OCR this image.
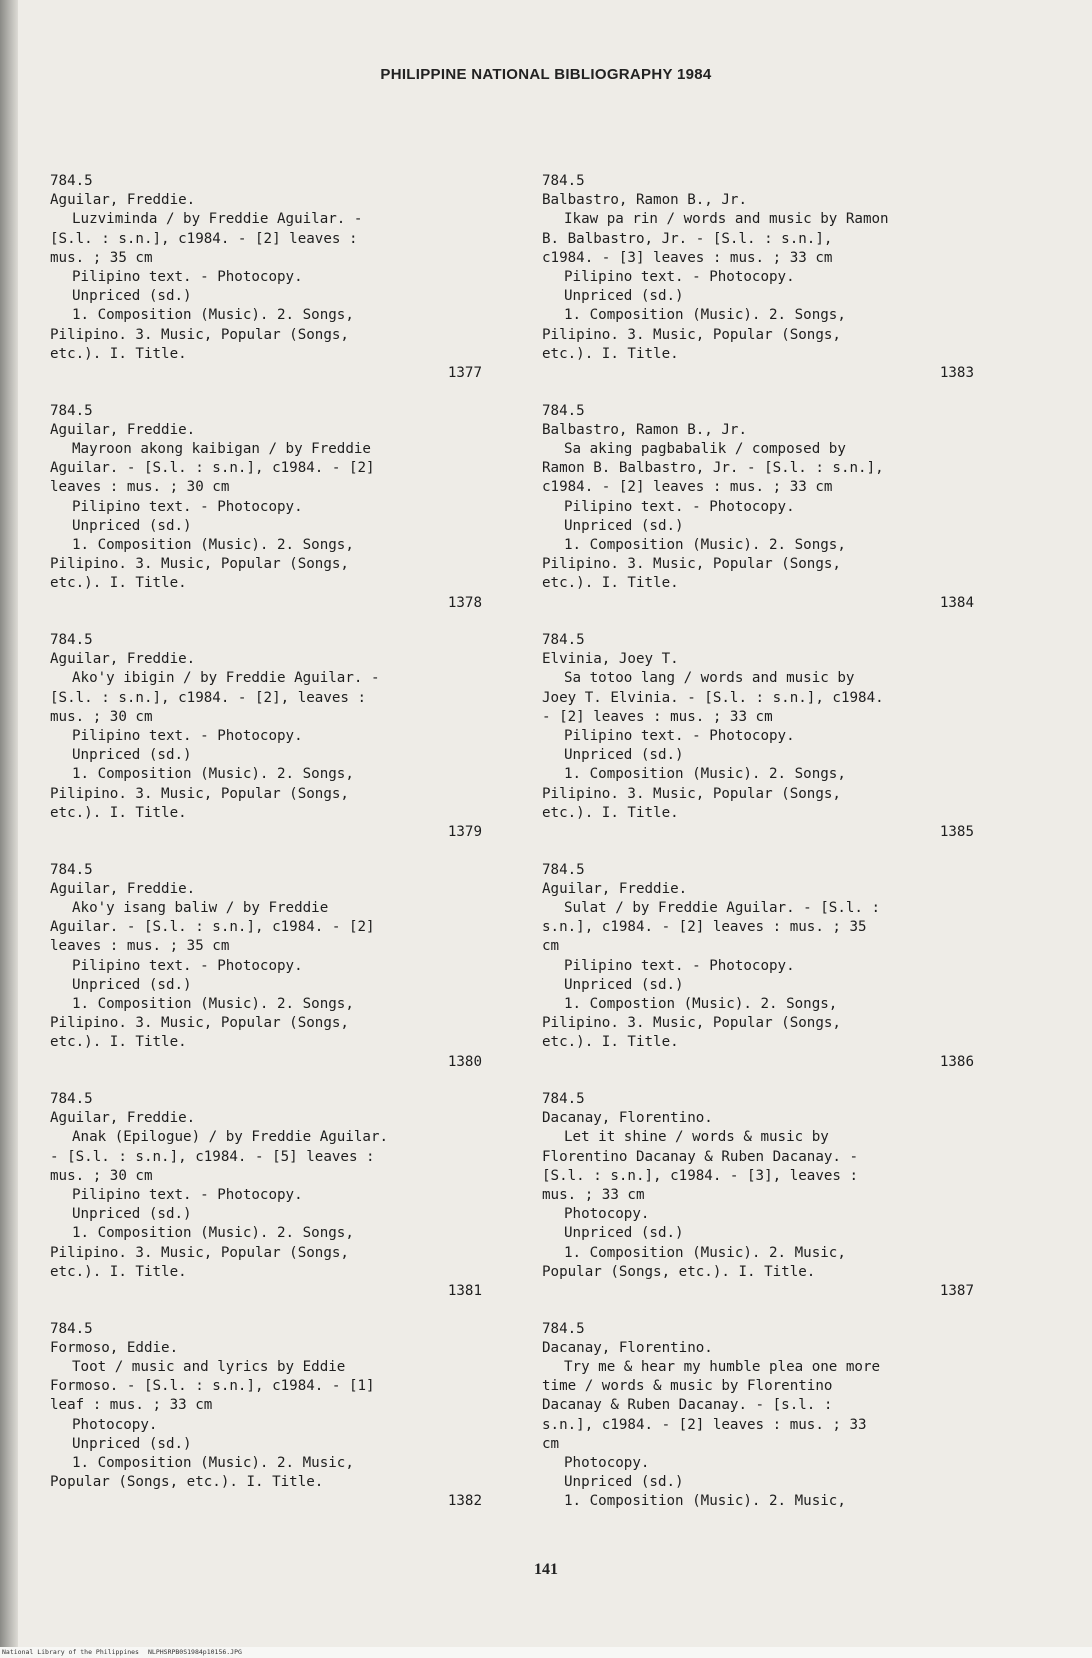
PHILIPPINE NATIONAL BIBLIOGRAPHY 1984

784.5

Aguilar, Freddie.

Luzviminda / by Freddie Aguilar. -

[S.l. : s.n.], c1984. - [2] leaves :

mus. ; 35 cm

Pilipino text. - Photocopy.

Unpriced (sd.)

1. Composition (Music). 2. Songs,

Pilipino. 3. Music, Popular (Songs,

etc.). I. Title.

1377

784.5

Aguilar, Freddie.

Mayroon akong kaibigan / by Freddie

Aguilar. - [S.l. : s.n.], c1984. - [2]

leaves : mus. ; 30 cm

Pilipino text. - Photocopy.

Unpriced (sd.)

1. Composition (Music). 2. Songs,

Pilipino. 3. Music, Popular (Songs,

etc.). I. Title.

1378

784.5

Aguilar, Freddie.

Ako'y ibigin / by Freddie Aguilar. -

[S.l. : s.n.], c1984. - [2], leaves :

mus. ; 30 cm

Pilipino text. - Photocopy.

Unpriced (sd.)

1. Composition (Music). 2. Songs,

Pilipino. 3. Music, Popular (Songs,

etc.). I. Title.

1379

784.5

Aguilar, Freddie.

Ako'y isang baliw / by Freddie

Aguilar. - [S.l. : s.n.], c1984. - [2]

leaves : mus. ; 35 cm

Pilipino text. - Photocopy.

Unpriced (sd.)

1. Composition (Music). 2. Songs,

Pilipino. 3. Music, Popular (Songs,

etc.). I. Title.

1380

784.5

Aguilar, Freddie.

Anak (Epilogue) / by Freddie Aguilar.

- [S.l. : s.n.], c1984. - [5] leaves :

mus. ; 30 cm

Pilipino text. - Photocopy.

Unpriced (sd.)

1. Composition (Music). 2. Songs,

Pilipino. 3. Music, Popular (Songs,

etc.). I. Title.

1381

784.5

Formoso, Eddie.

Toot / music and lyrics by Eddie

Formoso. - [S.l. : s.n.], c1984. - [1]

leaf : mus. ; 33 cm

Photocopy.

Unpriced (sd.)

1. Composition (Music). 2. Music,

Popular (Songs, etc.). I. Title.

1382

784.5

Balbastro, Ramon B., Jr.

Ikaw pa rin / words and music by Ramon

B. Balbastro, Jr. - [S.l. : s.n.],

c1984. - [3] leaves : mus. ; 33 cm

Pilipino text. - Photocopy.

Unpriced (sd.)

1. Composition (Music). 2. Songs,

Pilipino. 3. Music, Popular (Songs,

etc.). I. Title.

1383

784.5

Balbastro, Ramon B., Jr.

Sa aking pagbabalik / composed by

Ramon B. Balbastro, Jr. - [S.l. : s.n.],

c1984. - [2] leaves : mus. ; 33 cm

Pilipino text. - Photocopy.

Unpriced (sd.)

1. Composition (Music). 2. Songs,

Pilipino. 3. Music, Popular (Songs,

etc.). I. Title.

1384

784.5

Elvinia, Joey T.

Sa totoo lang / words and music by

Joey T. Elvinia. - [S.l. : s.n.], c1984.

- [2] leaves : mus. ; 33 cm

Pilipino text. - Photocopy.

Unpriced (sd.)

1. Composition (Music). 2. Songs,

Pilipino. 3. Music, Popular (Songs,

etc.). I. Title.

1385

784.5

Aguilar, Freddie.

Sulat / by Freddie Aguilar. - [S.l. :

s.n.], c1984. - [2] leaves : mus. ; 35

cm

Pilipino text. - Photocopy.

Unpriced (sd.)

1. Compostion (Music). 2. Songs,

Pilipino. 3. Music, Popular (Songs,

etc.). I. Title.

1386

784.5

Dacanay, Florentino.

Let it shine / words & music by

Florentino Dacanay & Ruben Dacanay. -

[S.l. : s.n.], c1984. - [3], leaves :

mus. ; 33 cm

Photocopy.

Unpriced (sd.)

1. Composition (Music). 2. Music,

Popular (Songs, etc.). I. Title.

1387

784.5

Dacanay, Florentino.

Try me & hear my humble plea one more

time / words & music by Florentino

Dacanay & Ruben Dacanay. - [s.l. :

s.n.], c1984. - [2] leaves : mus. ; 33

cm

Photocopy.

Unpriced (sd.)

1. Composition (Music). 2. Music,

141
National Library of the Philippines NLPHSRPB0S1984p10156.JPG
